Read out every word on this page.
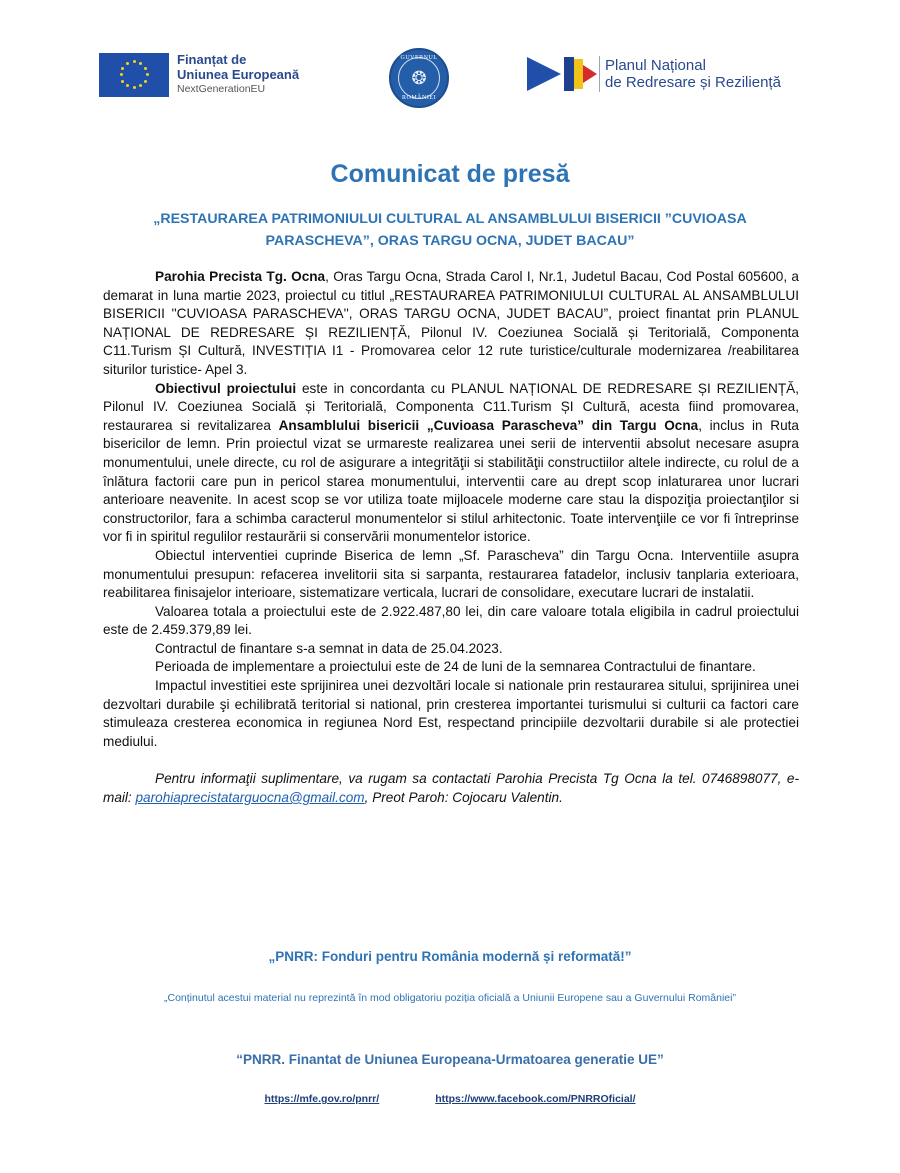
Finanțat de
Uniunea Europeană
NextGenerationEU
GUVERNUL
❂
ROMÂNIEI
Planul Național
de Redresare și Reziliență
Comunicat de presă
„RESTAURAREA PATRIMONIULUI CULTURAL AL ANSAMBLULUI BISERICII ”CUVIOASA PARASCHEVA”, ORAS TARGU OCNA, JUDET BACAU”

Parohia Precista Tg. Ocna, Oras Targu Ocna, Strada Carol I, Nr.1, Judetul Bacau, Cod Postal 605600, a demarat in luna martie 2023, proiectul cu titlul „RESTAURAREA PATRIMONIULUI CULTURAL AL ANSAMBLULUI BISERICII ''CUVIOASA PARASCHEVA'', ORAS TARGU OCNA, JUDET BACAU”, proiect finantat prin PLANUL NAȚIONAL DE REDRESARE ȘI REZILIENȚĂ, Pilonul IV. Coeziunea Socială și Teritorială, Componenta C11.Turism ȘI Cultură, INVESTIȚIA I1 - Promovarea celor 12 rute turistice/culturale modernizarea /reabilitarea siturilor turistice- Apel 3.

Obiectivul proiectului este in concordanta cu PLANUL NAȚIONAL DE REDRESARE ȘI REZILIENȚĂ, Pilonul IV. Coeziunea Socială și Teritorială, Componenta C11.Turism ȘI Cultură, acesta fiind promovarea, restaurarea si revitalizarea Ansamblului bisericii „Cuvioasa Parascheva” din Targu Ocna, inclus in Ruta bisericilor de lemn. Prin proiectul vizat se urmareste realizarea unei serii de interventii absolut necesare asupra monumentului, unele directe, cu rol de asigurare a integrităţii si stabilităţii constructiilor altele indirecte, cu rolul de a înlătura factorii care pun in pericol starea monumentului, interventii care au drept scop inlaturarea unor lucrari anterioare neavenite. In acest scop se vor utiliza toate mijloacele moderne care stau la dispoziţia proiectanţilor si constructorilor, fara a schimba caracterul monumentelor si stilul arhitectonic. Toate intervenţiile ce vor fi întreprinse vor fi in spiritul regulilor restaurării si conservării monumentelor istorice.

Obiectul interventiei cuprinde Biserica de lemn „Sf. Parascheva” din Targu Ocna. Interventiile asupra monumentului presupun: refacerea invelitorii sita si sarpanta, restaurarea fatadelor, inclusiv tanplaria exterioara, reabilitarea finisajelor interioare, sistematizare verticala, lucrari de consolidare, executare lucrari de instalatii.

Valoarea totala a proiectului este de 2.922.487,80 lei, din care valoare totala eligibila in cadrul proiectului este de 2.459.379,89 lei.

Contractul de finantare s-a semnat in data de 25.04.2023.

Perioada de implementare a proiectului este de 24 de luni de la semnarea Contractului de finantare.

Impactul investitiei este sprijinirea unei dezvoltări locale si nationale prin restaurarea sitului, sprijinirea unei dezvoltari durabile şi echilibrată teritorial si national, prin cresterea importantei turismului si culturii ca factori care stimuleaza cresterea economica in regiunea Nord Est, respectand principiile dezvoltarii durabile si ale protectiei mediului.

Pentru informaţii suplimentare, va rugam sa contactati Parohia Precista Tg Ocna la tel. 0746898077, e-mail: parohiaprecistatarguocna@gmail.com, Preot Paroh: Cojocaru Valentin.

„PNRR: Fonduri pentru România modernă și reformată!”
„Conținutul acestui material nu reprezintă în mod obligatoriu poziția oficială a Uniunii Europene sau a Guvernului României”
“PNRR. Finantat de Uniunea Europeana-Urmatoarea generatie UE”
https://mfe.gov.ro/pnrr/	https://www.facebook.com/PNRROficial/
